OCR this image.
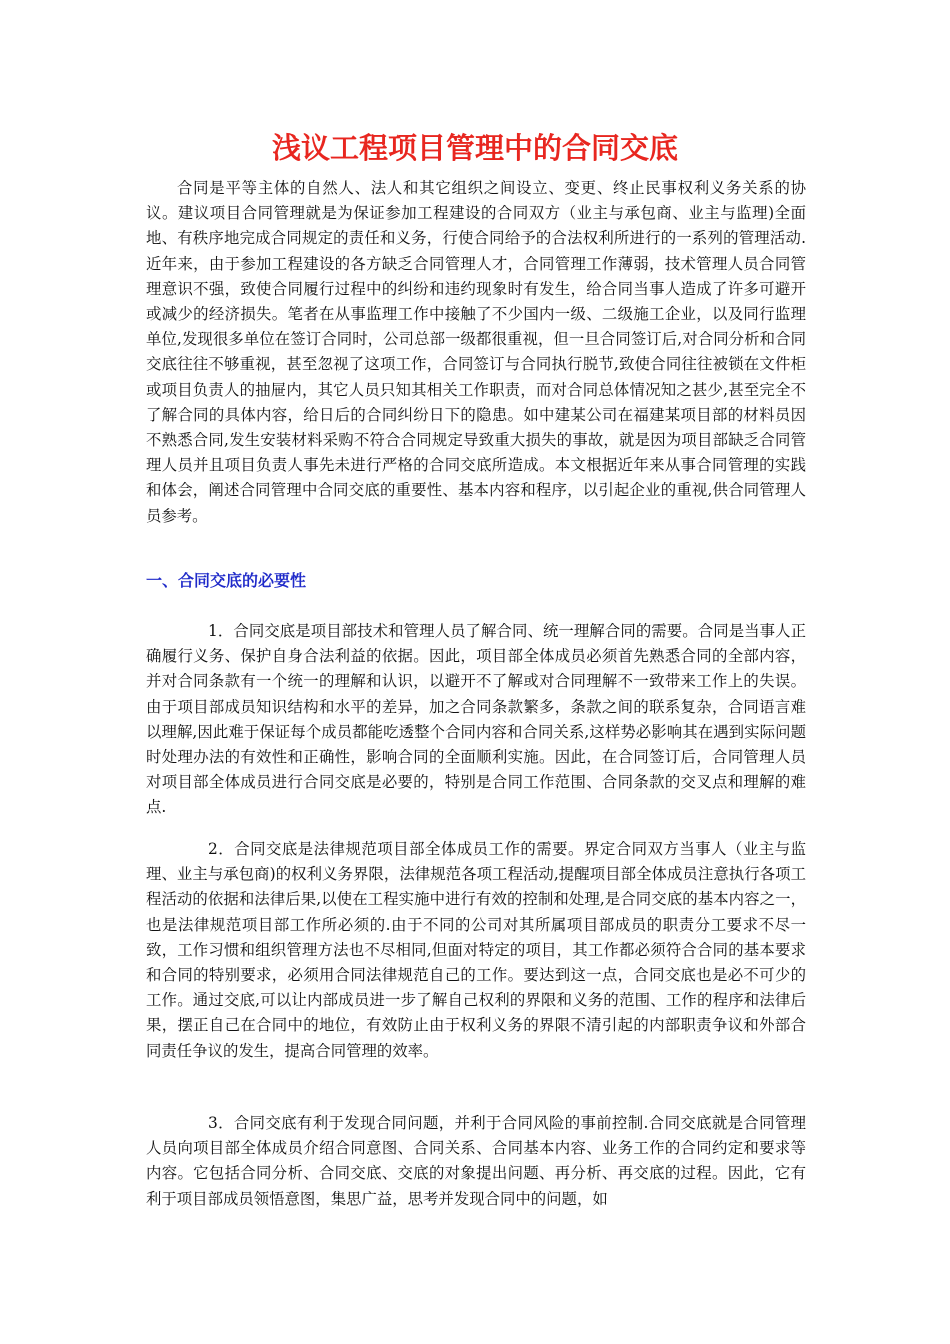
浅议工程项目管理中的合同交底

合同是平等主体的自然人、法人和其它组织之间设立、变更、终止民事权利义务关系的协议。建议项目合同管理就是为保证参加工程建设的合同双方（业主与承包商、业主与监理)全面地、有秩序地完成合同规定的责任和义务，行使合同给予的合法权利所进行的一系列的管理活动.近年来，由于参加工程建设的各方缺乏合同管理人才，合同管理工作薄弱，技术管理人员合同管理意识不强，致使合同履行过程中的纠纷和违约现象时有发生，给合同当事人造成了许多可避开或减少的经济损失。笔者在从事监理工作中接触了不少国内一级、二级施工企业，以及同行监理单位,发现很多单位在签订合同时，公司总部一级都很重视，但一旦合同签订后,对合同分析和合同交底往往不够重视，甚至忽视了这项工作，合同签订与合同执行脱节,致使合同往往被锁在文件柜或项目负责人的抽屉内，其它人员只知其相关工作职责，而对合同总体情况知之甚少,甚至完全不了解合同的具体内容，给日后的合同纠纷日下的隐患。如中建某公司在福建某项目部的材料员因不熟悉合同,发生安装材料采购不符合合同规定导致重大损失的事故，就是因为项目部缺乏合同管理人员并且项目负责人事先未进行严格的合同交底所造成。本文根据近年来从事合同管理的实践和体会，阐述合同管理中合同交底的重要性、基本内容和程序，以引起企业的重视,供合同管理人员参考。

一、合同交底的必要性

1．合同交底是项目部技术和管理人员了解合同、统一理解合同的需要。合同是当事人正确履行义务、保护自身合法利益的依据。因此，项目部全体成员必须首先熟悉合同的全部内容，并对合同条款有一个统一的理解和认识，以避开不了解或对合同理解不一致带来工作上的失误。由于项目部成员知识结构和水平的差异，加之合同条款繁多，条款之间的联系复杂，合同语言难以理解,因此难于保证每个成员都能吃透整个合同内容和合同关系,这样势必影响其在遇到实际问题时处理办法的有效性和正确性，影响合同的全面顺利实施。因此，在合同签订后，合同管理人员对项目部全体成员进行合同交底是必要的，特别是合同工作范围、合同条款的交叉点和理解的难点.

2．合同交底是法律规范项目部全体成员工作的需要。界定合同双方当事人（业主与监理、业主与承包商)的权利义务界限，法律规范各项工程活动,提醒项目部全体成员注意执行各项工程活动的依据和法律后果,以使在工程实施中进行有效的控制和处理,是合同交底的基本内容之一，也是法律规范项目部工作所必须的.由于不同的公司对其所属项目部成员的职责分工要求不尽一致，工作习惯和组织管理方法也不尽相同,但面对特定的项目，其工作都必须符合合同的基本要求和合同的特别要求，必须用合同法律规范自己的工作。要达到这一点，合同交底也是必不可少的工作。通过交底,可以让内部成员进一步了解自己权利的界限和义务的范围、工作的程序和法律后果，摆正自己在合同中的地位，有效防止由于权利义务的界限不清引起的内部职责争议和外部合同责任争议的发生，提高合同管理的效率。

3．合同交底有利于发现合同问题，并利于合同风险的事前控制.合同交底就是合同管理人员向项目部全体成员介绍合同意图、合同关系、合同基本内容、业务工作的合同约定和要求等内容。它包括合同分析、合同交底、交底的对象提出问题、再分析、再交底的过程。因此，它有利于项目部成员领悟意图，集思广益，思考并发现合同中的问题，如
